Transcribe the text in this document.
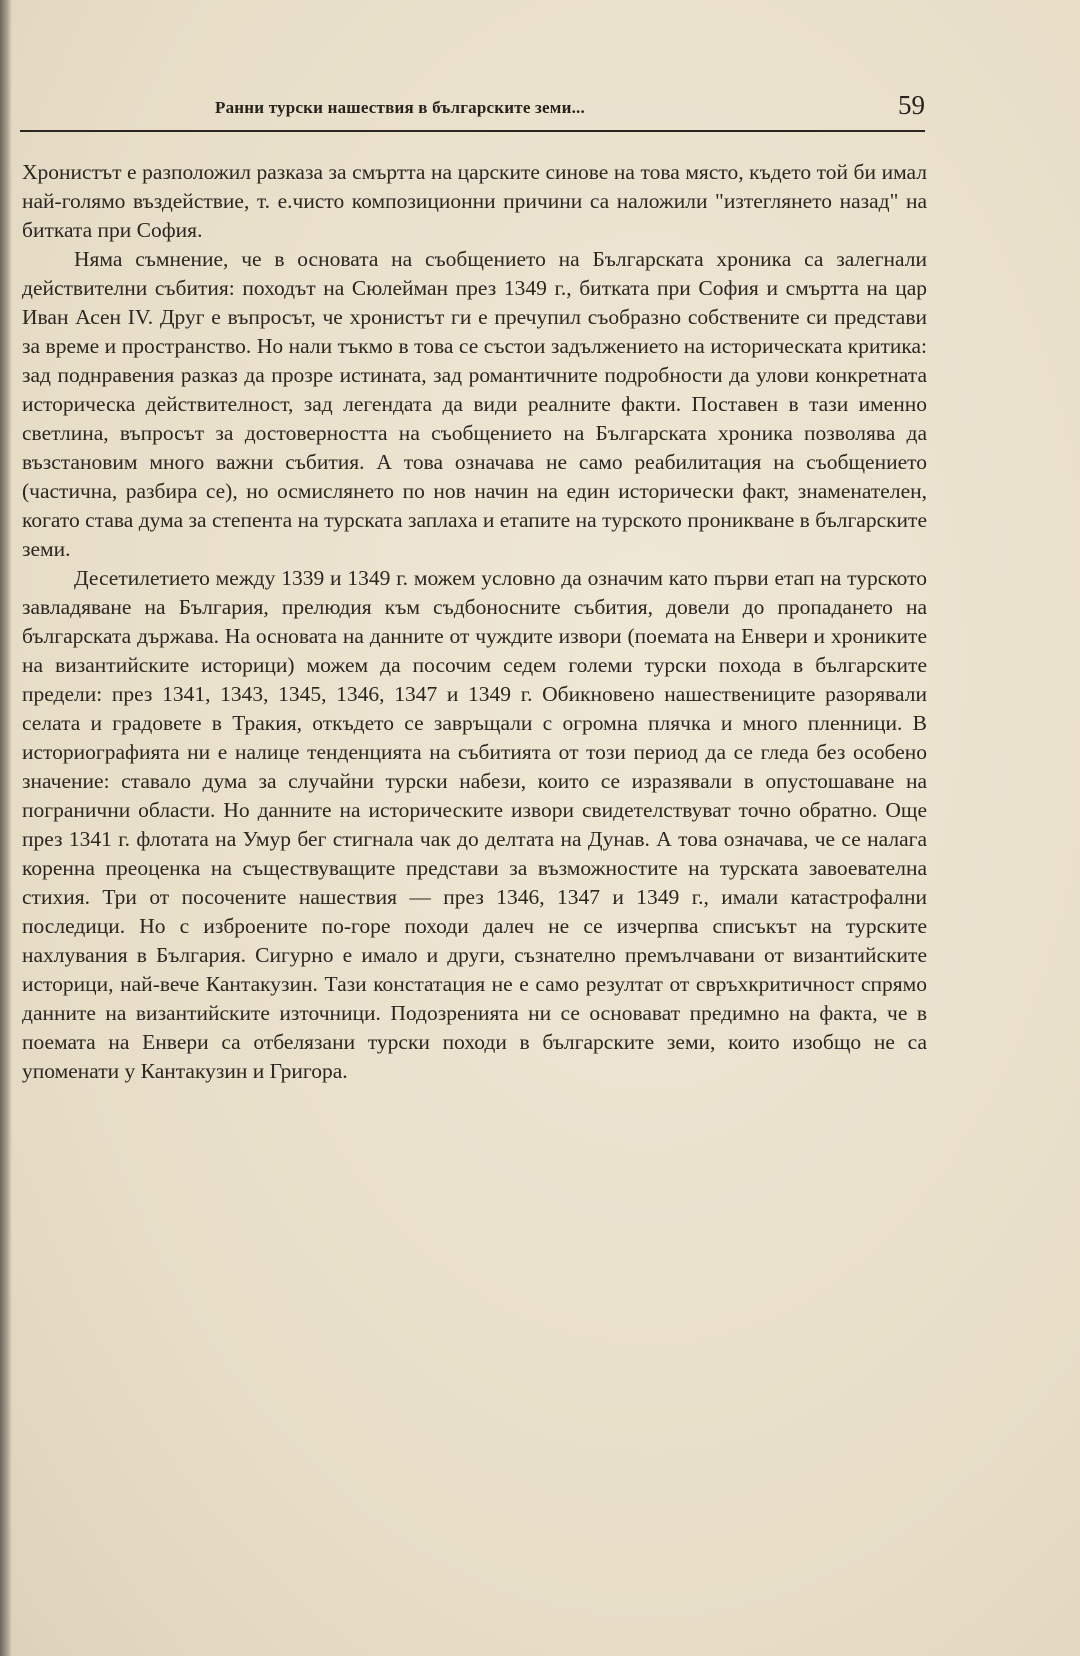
Ранни турски нашествия в българските земи...	59

Хронистът е разположил разказа за смъртта на царските синове на това място, където той би имал най-голямо въздействие, т. е.чисто композиционни причини са наложили "изтеглянето назад" на битката при София.

Няма съмнение, че в основата на съобщението на Българската хроника са залегнали действителни събития: походът на Сюлейман през 1349 г., битката при София и смъртта на цар Иван Асен IV. Друг е въпросът, че хронистът ги е пречупил съобразно собствените си представи за време и пространство. Но нали тъкмо в това се състои задължението на историческата критика: зад поднравения разказ да прозре истината, зад романтичните подробности да улови конкретната историческа действителност, зад легендата да види реалните факти. Поставен в тази именно светлина, въпросът за достоверността на съобщението на Българската хроника позволява да възстановим много важни събития. А това означава не само реабилитация на съобщението (частична, разбира се), но осмислянето по нов начин на един исторически факт, знаменателен, когато става дума за степента на турската заплаха и етапите на турското проникване в българските земи.

Десетилетието между 1339 и 1349 г. можем условно да означим като първи етап на турското завладяване на България, прелюдия към съдбоносните събития, довели до пропадането на българската държава. На основата на данните от чуждите извори (поемата на Енвери и хрониките на византийските историци) можем да посочим седем големи турски похода в българските предели: през 1341, 1343, 1345, 1346, 1347 и 1349 г. Обикновено нашествениците разорявали селата и градовете в Тракия, откъдето се завръщали с огромна плячка и много пленници. В историографията ни е налице тенденцията на събитията от този период да се гледа без особено значение: ставало дума за случайни турски набези, които се изразявали в опустошаване на погранични области. Но данните на историческите извори свидетелствуват точно обратно. Още през 1341 г. флотата на Умур бег стигнала чак до делтата на Дунав. А това означава, че се налага коренна преоценка на съществуващите представи за възможностите на турската завоевателна стихия. Три от посочените нашествия — през 1346, 1347 и 1349 г., имали катастрофални последици. Но с изброените по-горе походи далеч не се изчерпва списъкът на турските нахлувания в България. Сигурно е имало и други, съзнателно премълчавани от византийските историци, най-вече Кантакузин. Тази констатация не е само резултат от свръхкритичност спрямо данните на византийските източници. Подозренията ни се основават предимно на факта, че в поемата на Енвери са отбелязани турски походи в българските земи, които изобщо не са упоменати у Кантакузин и Григора.
